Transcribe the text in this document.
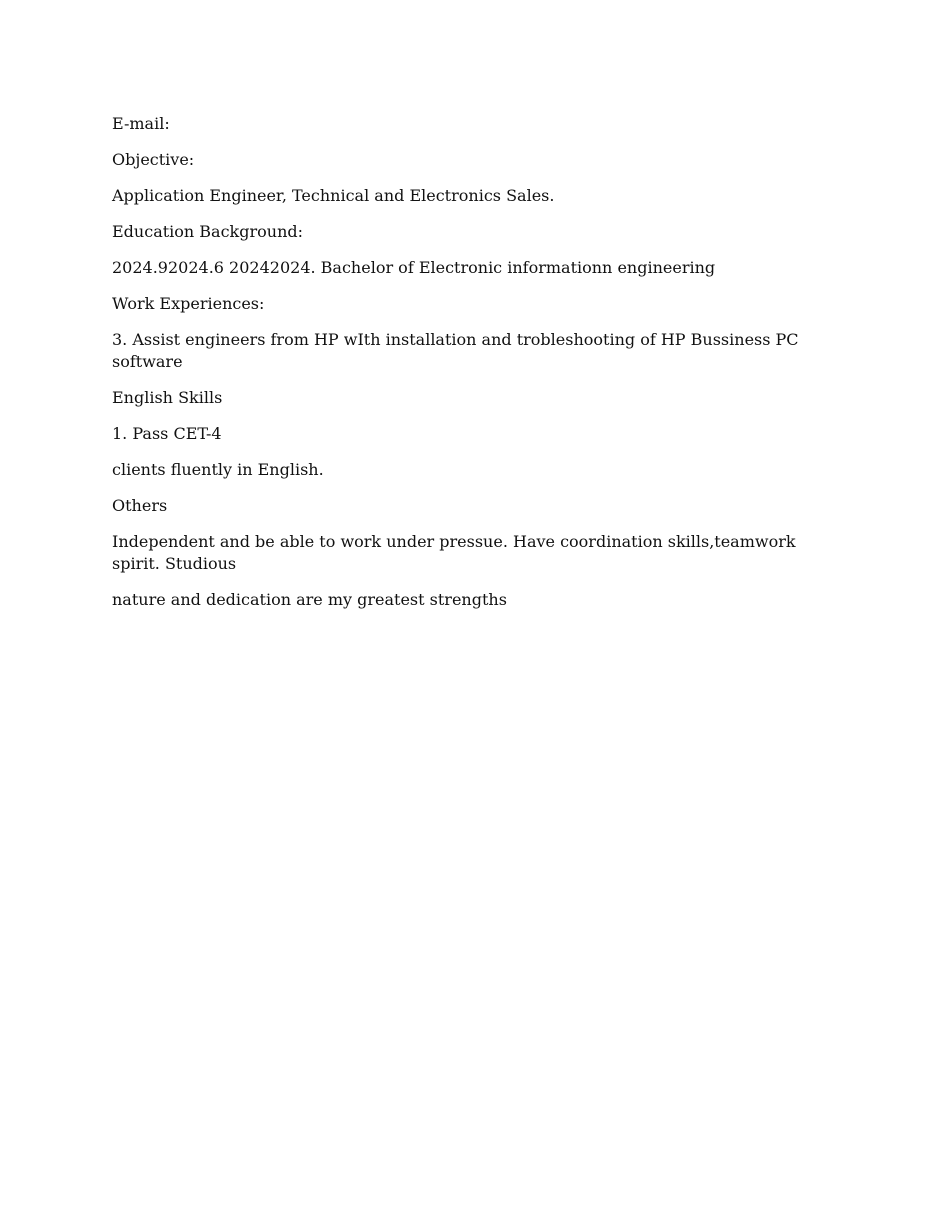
E-mail:

Objective:

Application Engineer, Technical and Electronics Sales.

Education Background:

2024.92024.6 20242024. Bachelor of Electronic informationn engineering

Work Experiences:

3. Assist engineers from HP wIth installation and trobleshooting of HP Bussiness PC software

English Skills

1. Pass CET-4

clients fluently in English.

Others

Independent and be able to work under pressue. Have coordination skills,teamwork spirit. Studious

nature and dedication are my greatest strengths
